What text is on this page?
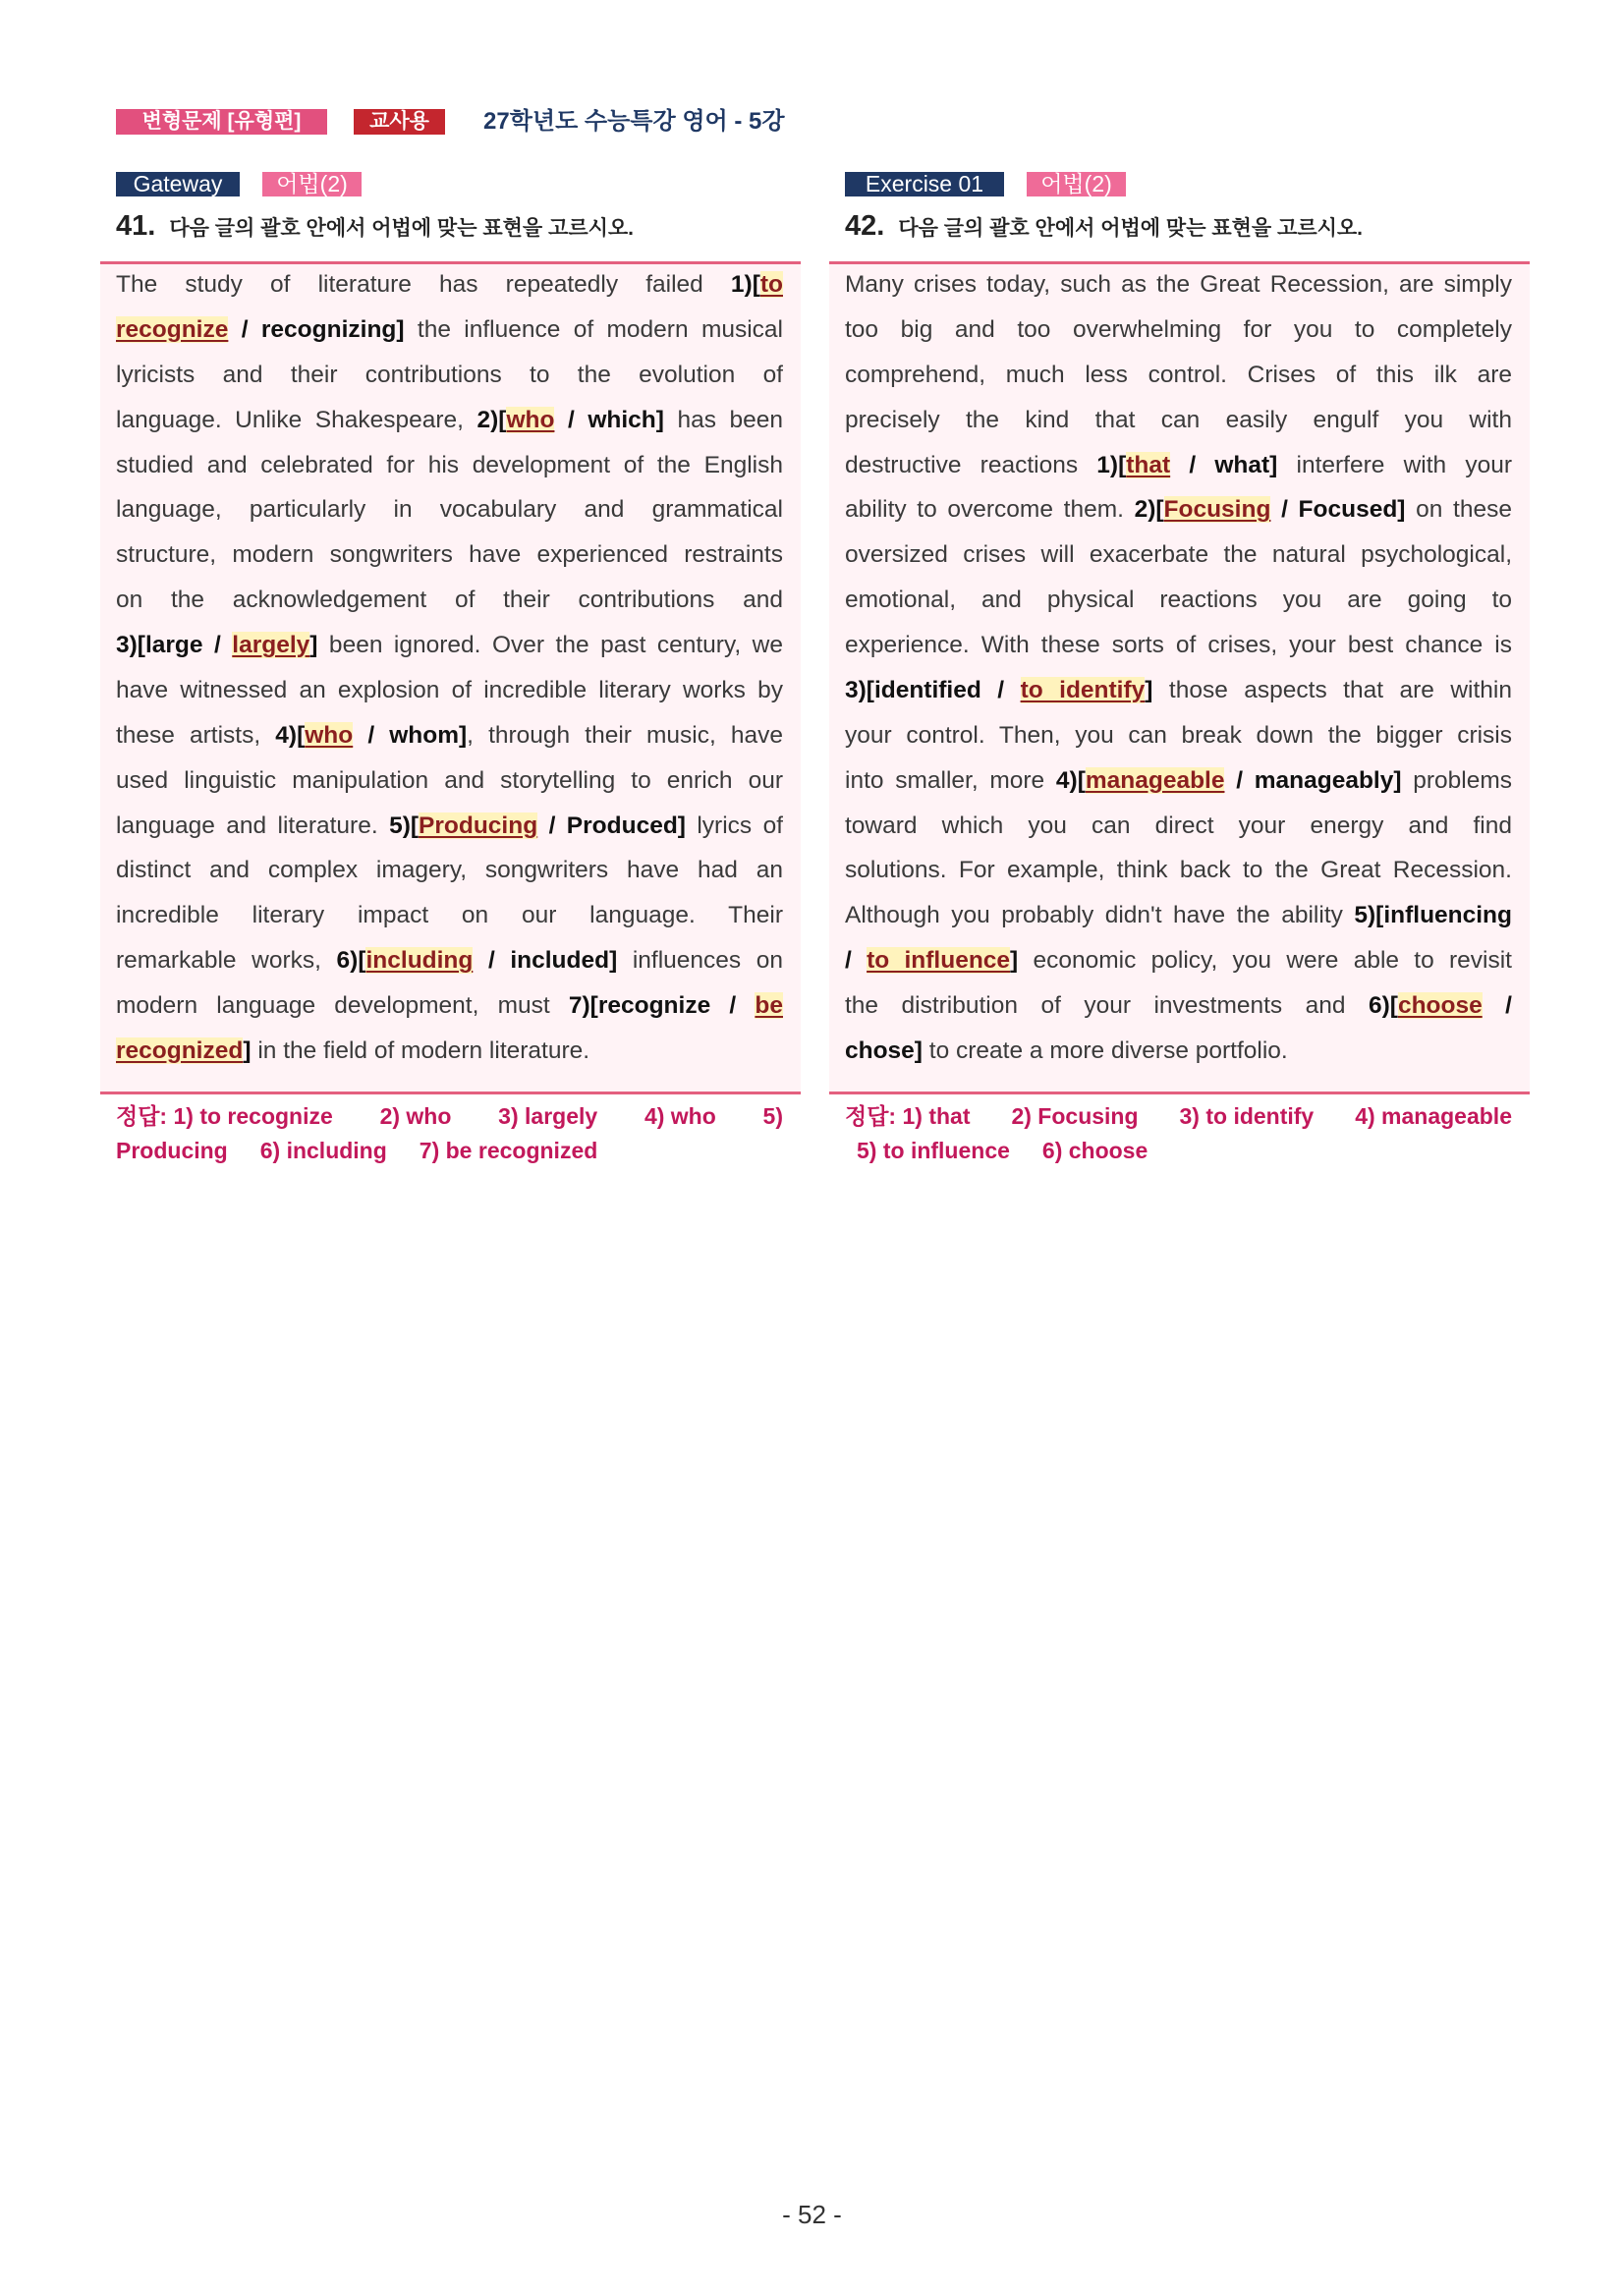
변형문제 [유형편]	교사용	27학년도 수능특강 영어 - 5강
Gateway	어법(2)
41. 다음 글의 괄호 안에서 어법에 맞는 표현을 고르시오.
The study of literature has repeatedly failed 1)[to
recognize / recognizing] the influence of modern musical
lyricists and their contributions to the evolution of
language. Unlike Shakespeare, 2)[who / which] has been
studied and celebrated for his development of the English
language, particularly in vocabulary and grammatical
structure, modern songwriters have experienced restraints
on the acknowledgement of their contributions and
3)[large / largely] been ignored. Over the past century, we
have witnessed an explosion of incredible literary works by
these artists, 4)[who / whom], through their music, have
used linguistic manipulation and storytelling to enrich our
language and literature. 5)[Producing / Produced] lyrics of
distinct and complex imagery, songwriters have had an
incredible literary impact on our language. Their
remarkable works, 6)[including / included] influences on
modern language development, must 7)[recognize / be
recognized] in the field of modern literature.
정답: 1) to recognize 2) who 3) largely 4) who 5)
Producing 6) including 7) be recognized
Exercise 01	어법(2)
42. 다음 글의 괄호 안에서 어법에 맞는 표현을 고르시오.
Many crises today, such as the Great Recession, are simply
too big and too overwhelming for you to completely
comprehend, much less control. Crises of this ilk are
precisely the kind that can easily engulf you with
destructive reactions 1)[that / what] interfere with your
ability to overcome them. 2)[Focusing / Focused] on these
oversized crises will exacerbate the natural psychological,
emotional, and physical reactions you are going to
experience. With these sorts of crises, your best chance is
3)[identified / to identify] those aspects that are within
your control. Then, you can break down the bigger crisis
into smaller, more 4)[manageable / manageably] problems
toward which you can direct your energy and find
solutions. For example, think back to the Great Recession.
Although you probably didn't have the ability 5)[influencing
/ to influence] economic policy, you were able to revisit
the distribution of your investments and 6)[choose /
chose] to create a more diverse portfolio.
정답: 1) that 2) Focusing 3) to identify 4) manageable
5) to influence 6) choose
- 52 -
